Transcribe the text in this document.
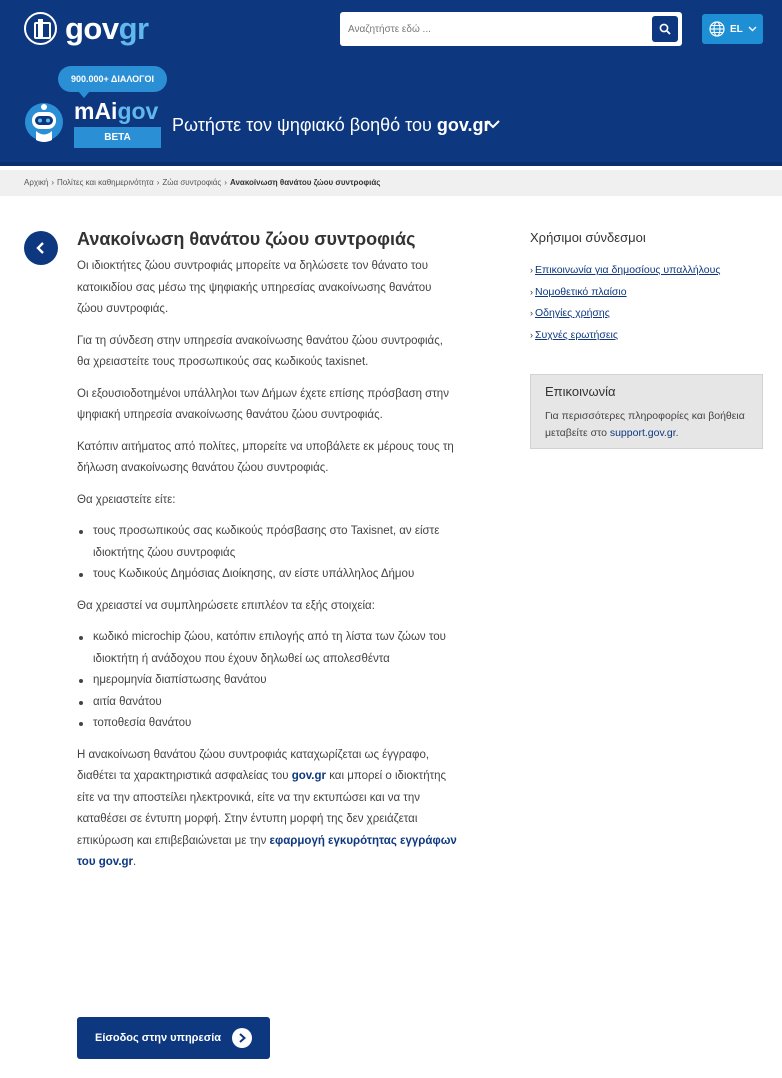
govgr
Αναζητήστε εδώ ...	EL
900.000+ ΔΙΑΛΟΓΟΙ
mAigov
ΒΕΤΑ
Ρωτήστε τον ψηφιακό βοηθό του gov.gr
Αρχική › Πολίτες και καθημερινότητα › Ζώα συντροφιάς › Ανακοίνωση θανάτου ζώου συντροφιάς
Ανακοίνωση θανάτου ζώου συντροφιάς

Οι ιδιοκτήτες ζώου συντροφιάς μπορείτε να δηλώσετε τον θάνατο του κατοικιδίου σας μέσω της ψηφιακής υπηρεσίας ανακοίνωσης θανάτου ζώου συντροφιάς.

Για τη σύνδεση στην υπηρεσία ανακοίνωσης θανάτου ζώου συντροφιάς, θα χρειαστείτε τους προσωπικούς σας κωδικούς taxisnet.

Οι εξουσιοδοτημένοι υπάλληλοι των Δήμων έχετε επίσης πρόσβαση στην ψηφιακή υπηρεσία ανακοίνωσης θανάτου ζώου συντροφιάς.

Κατόπιν αιτήματος από πολίτες, μπορείτε να υποβάλετε εκ μέρους τους τη δήλωση ανακοίνωσης θανάτου ζώου συντροφιάς.

Θα χρειαστείτε είτε:

τους προσωπικούς σας κωδικούς πρόσβασης στο Taxisnet, αν είστε ιδιοκτήτης ζώου συντροφιάς
τους Κωδικούς Δημόσιας Διοίκησης, αν είστε υπάλληλος Δήμου

Θα χρειαστεί να συμπληρώσετε επιπλέον τα εξής στοιχεία:

κωδικό microchip ζώου, κατόπιν επιλογής από τη λίστα των ζώων του ιδιοκτήτη ή ανάδοχου που έχουν δηλωθεί ως απολεσθέντα
ημερομηνία διαπίστωσης θανάτου
αιτία θανάτου
τοποθεσία θανάτου

Η ανακοίνωση θανάτου ζώου συντροφιάς καταχωρίζεται ως έγγραφο, διαθέτει τα χαρακτηριστικά ασφαλείας του gov.gr και μπορεί ο ιδιοκτήτης είτε να την αποστείλει ηλεκτρονικά, είτε να την εκτυπώσει και να την καταθέσει σε έντυπη μορφή. Στην έντυπη μορφή της δεν χρειάζεται επικύρωση και επιβεβαιώνεται με την εφαρμογή εγκυρότητας εγγράφων του gov.gr.

Είσοδος στην υπηρεσία
Χρήσιμοι σύνδεσμοι
› Επικοινωνία για δημοσίους υπαλλήλους
› Νομοθετικό πλαίσιο
› Οδηγίες χρήσης
› Συχνές ερωτήσεις
Επικοινωνία
Για περισσότερες πληροφορίες και βοήθεια μεταβείτε στο support.gov.gr.
